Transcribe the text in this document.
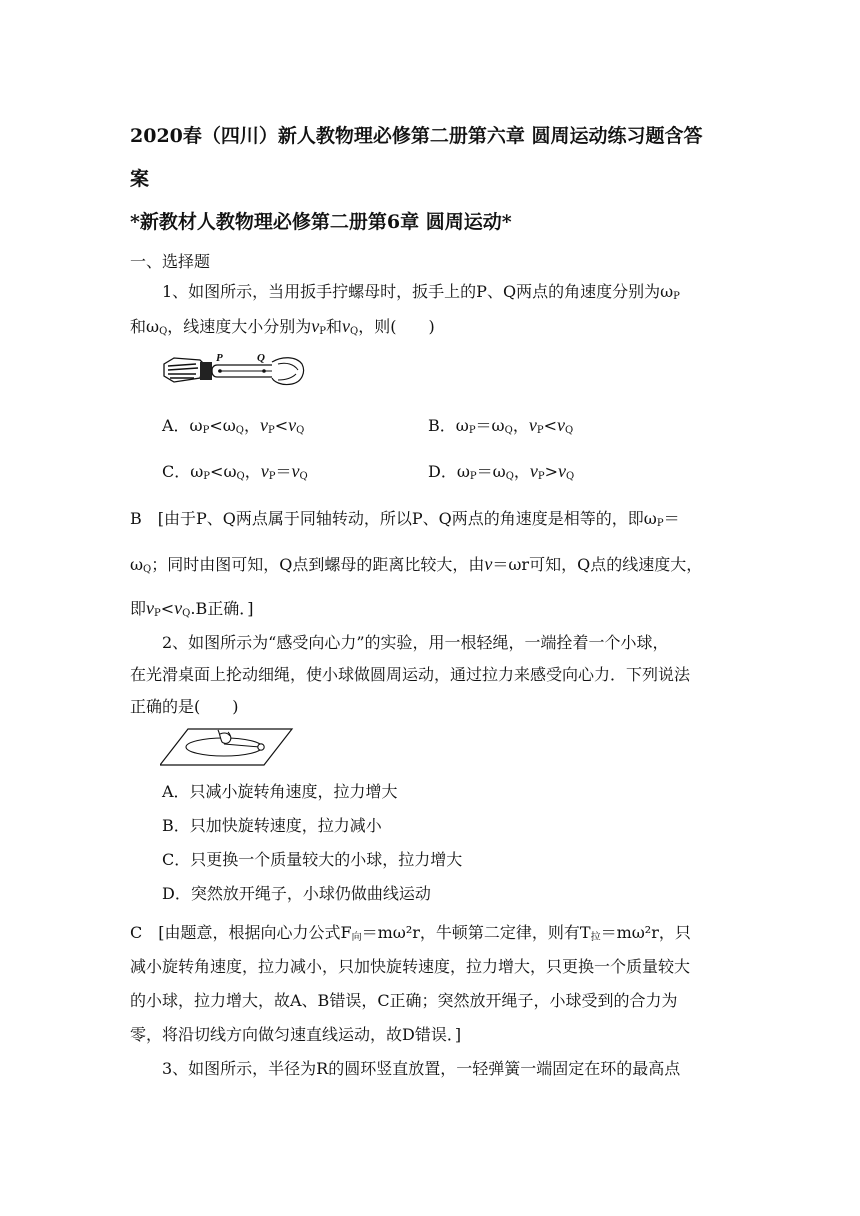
2020春（四川）新人教物理必修第二册第六章 圆周运动练习题含答
案
*新教材人教物理必修第二册第6章 圆周运动*
一、选择题
1、如图所示，当用扳手拧螺母时，扳手上的P、Q两点的角速度分别为$\omega_P$
和$\omega_Q$，线速度大小分别为$v_P$和$v_Q$，则(　　)
P	Q
A．$\omega_P<\omega_Q$，$v_P<v_Q$	B．$\omega_P=\omega_Q$，$v_P<v_Q$
C．$\omega_P<\omega_Q$，$v_P=v_Q$	D．$\omega_P=\omega_Q$，$v_P>v_Q$
B　[由于P、Q两点属于同轴转动，所以P、Q两点的角速度是相等的，即$\omega_P=$
$\omega_Q$；同时由图可知，Q点到螺母的距离比较大，由v＝ωr可知，Q点的线速度大，
即$v_P<v_Q.B$正确．]
2、如图所示为“感受向心力”的实验，用一根轻绳，一端拴着一个小球，
在光滑桌面上抡动细绳，使小球做圆周运动，通过拉力来感受向心力．下列说法
正确的是(　　)
A．只减小旋转角速度，拉力增大
B．只加快旋转速度，拉力减小
C．只更换一个质量较大的小球，拉力增大
D．突然放开绳子，小球仍做曲线运动
C　[由题意，根据向心力公式$F_向=m\omega^2r$，牛顿第二定律，则有$T_拉=m\omega^2r$，只
减小旋转角速度，拉力减小，只加快旋转速度，拉力增大，只更换一个质量较大
的小球，拉力增大，故A、B错误，C正确；突然放开绳子，小球受到的合力为
零，将沿切线方向做匀速直线运动，故D错误．]
3、如图所示，半径为R的圆环竖直放置，一轻弹簧一端固定在环的最高点
